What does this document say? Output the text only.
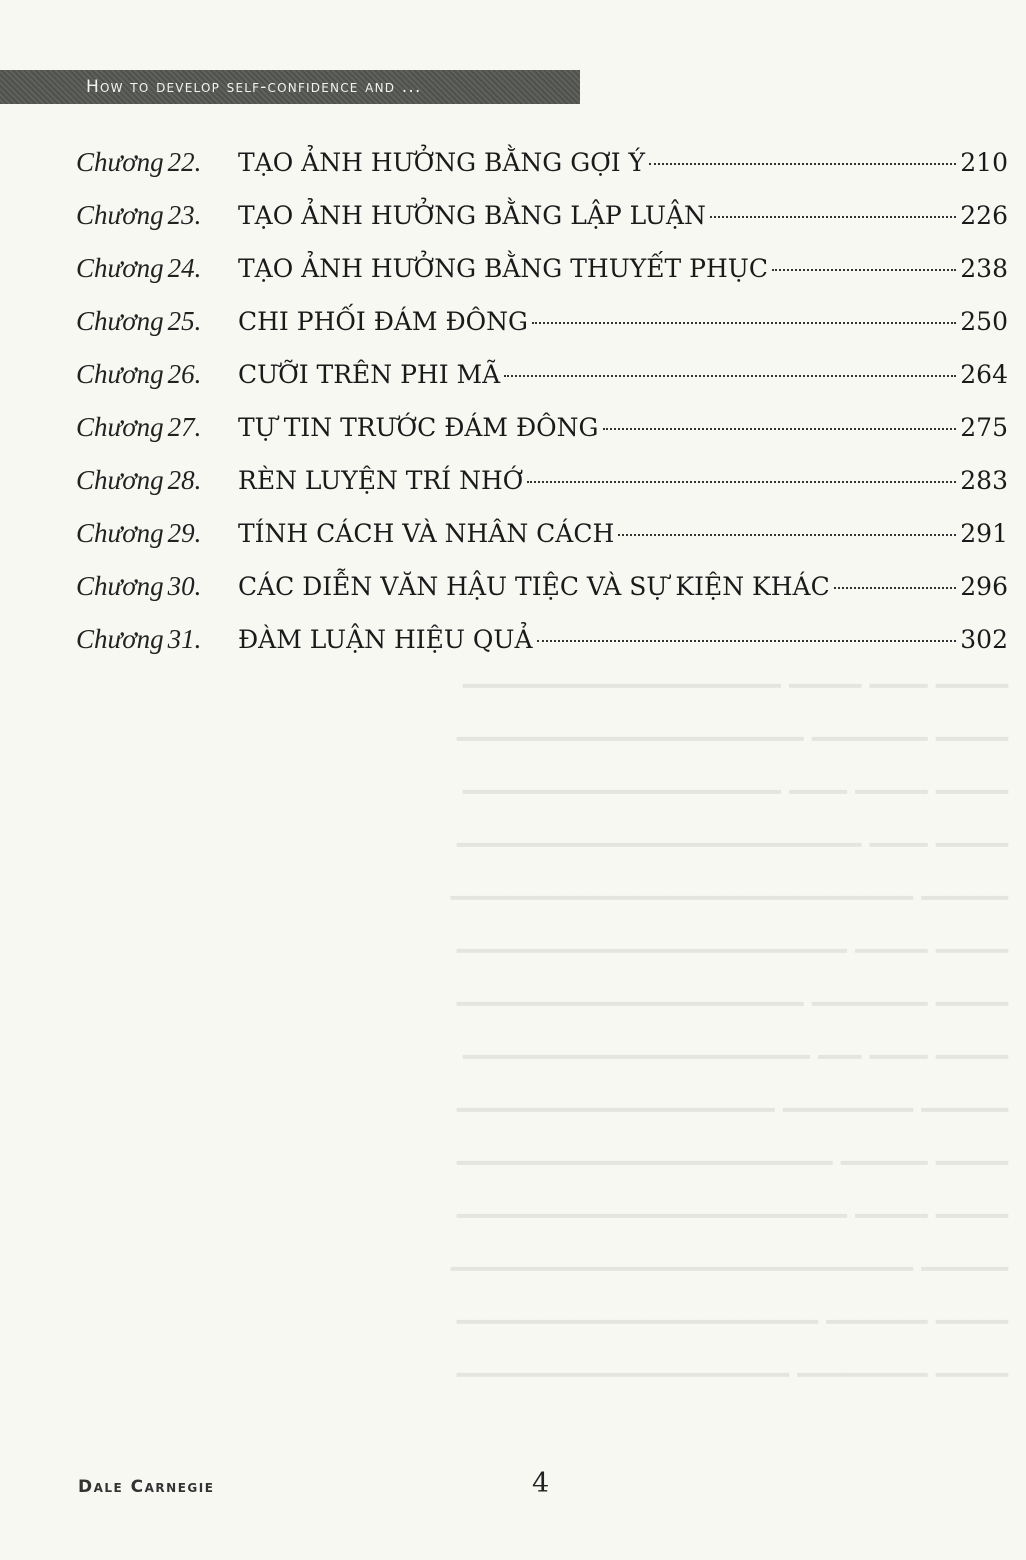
How to develop self-confidence and ...
Chương 22.	TẠO ẢNH HƯỞNG BẰNG GỢI Ý	210
Chương 23.	TẠO ẢNH HƯỞNG BẰNG LẬP LUẬN	226
Chương 24.	TẠO ẢNH HƯỞNG BẰNG THUYẾT PHỤC	238
Chương 25.	CHI PHỐI ĐÁM ĐÔNG	250
Chương 26.	CƯỠI TRÊN PHI MÃ	264
Chương 27.	TỰ TIN TRƯỚC ĐÁM ĐÔNG	275
Chương 28.	RÈN LUYỆN TRÍ NHỚ	283
Chương 29.	TÍNH CÁCH VÀ NHÂN CÁCH	291
Chương 30.	CÁC DIỄN VĂN HẬU TIỆC VÀ SỰ KIỆN KHÁC	296
Chương 31.	ĐÀM LUẬN HIỆU QUẢ	302
━━━━━ ━━━━ ━━━━━ ━━━━━━━━━━━━━━━━━━━━━━
━━━━━ ━━━━━━━━ ━━━━━━━━━━━━━━━━━━━━━━━━
━━━━━ ━━━━━ ━━━━ ━━━━━━━━━━━━━━━━━━━━━━
━━━━━ ━━━━ ━━━━━━━━━━━━━━━━━━━━━━━━━━━━
━━━━━━ ━━━━━━━━━━━━━━━━━━━━━━━━━━━━━━━━
━━━━━ ━━━━━ ━━━━━━━━━━━━━━━━━━━━━━━━━━━
━━━━━ ━━━━━━━━ ━━━━━━━━━━━━━━━━━━━━━━━━
━━━━━ ━━━━ ━━━ ━━━━━━━━━━━━━━━━━━━━━━━━
━━━━━━ ━━━━━━━━━ ━━━━━━━━━━━━━━━━━━━━━━
━━━━━ ━━━━━━ ━━━━━━━━━━━━━━━━━━━━━━━━━━
━━━━━ ━━━━━ ━━━━━━━━━━━━━━━━━━━━━━━━━━━
━━━━━━ ━━━━━━━━━━━━━━━━━━━━━━━━━━━━━━━━
━━━━━ ━━━━━━━ ━━━━━━━━━━━━━━━━━━━━━━━━━
━━━━━ ━━━━━━━━━ ━━━━━━━━━━━━━━━━━━━━━━━
Dale Carnegie	4
